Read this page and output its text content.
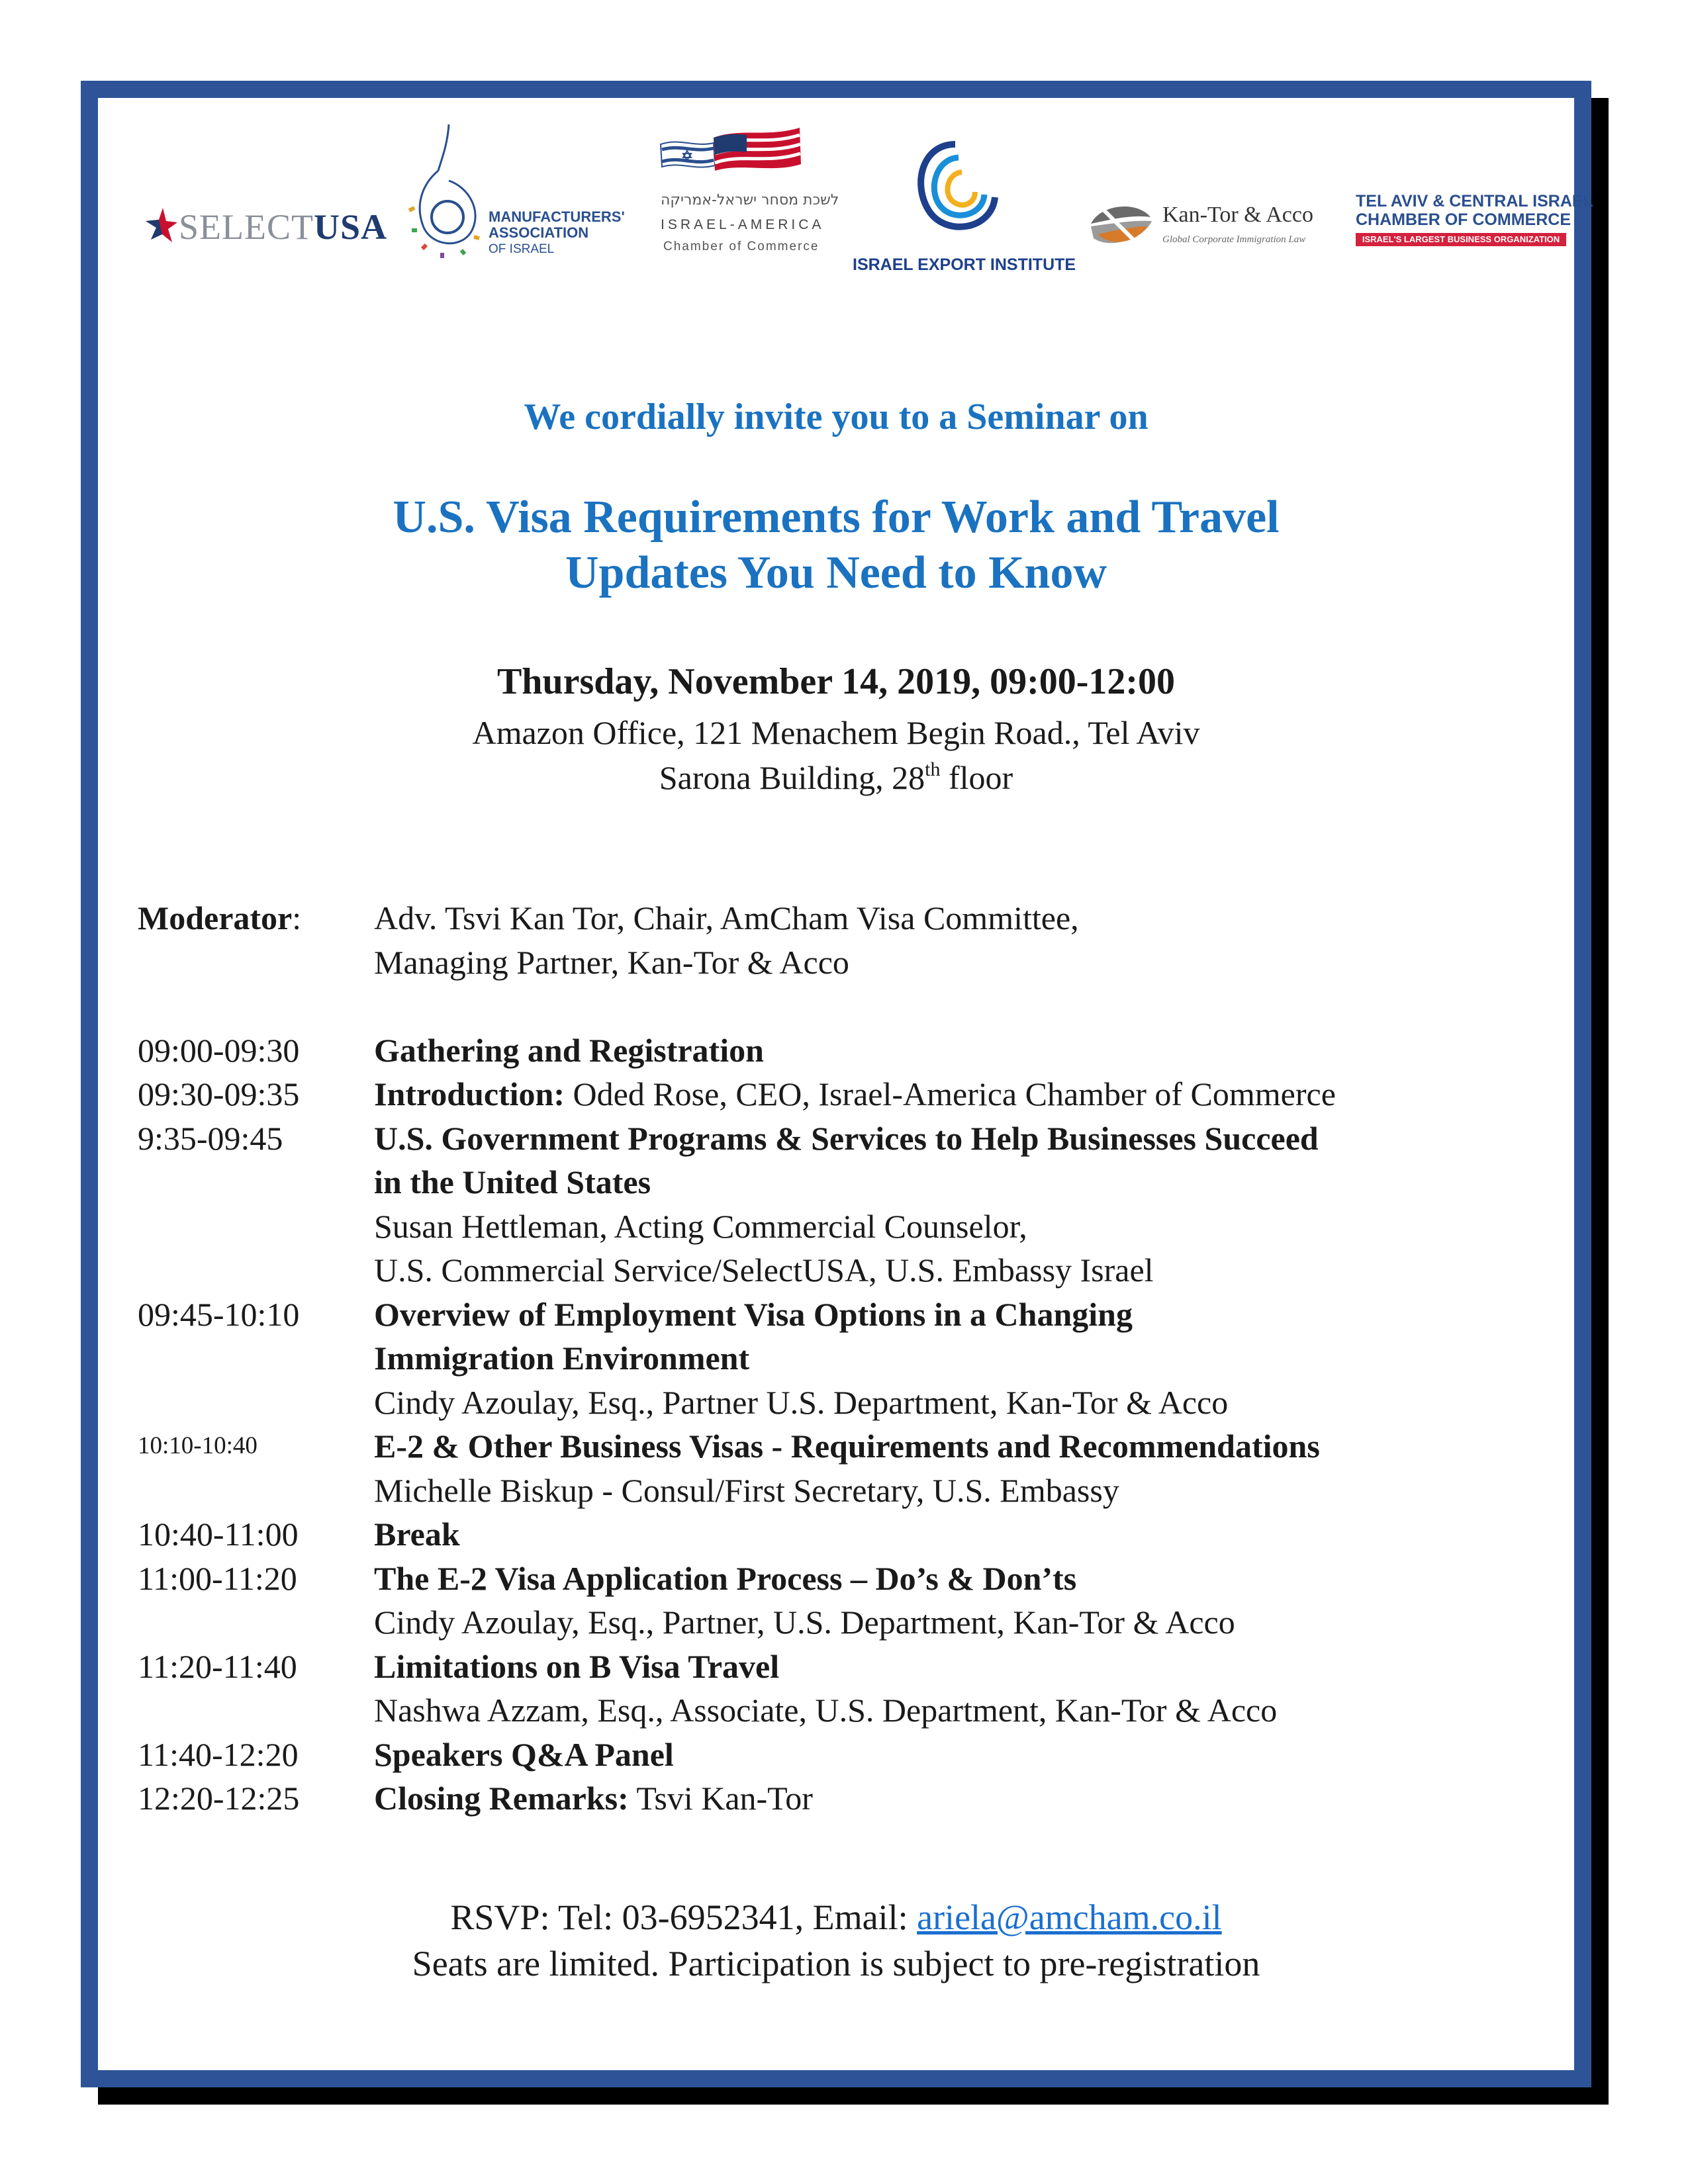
SELECTUSA	MANUFACTURERS'
ASSOCIATION
OF ISRAEL
לשכת מסחר ישראל-אמריקה
ISRAEL-AMERICA
Chamber of Commerce
ISRAEL EXPORT INSTITUTE
Kan-Tor & Acco
Global Corporate Immigration Law
TEL AVIV & CENTRAL ISRAEL
CHAMBER OF COMMERCE
ISRAEL'S LARGEST BUSINESS ORGANIZATION
We cordially invite you to a Seminar on
U.S. Visa Requirements for Work and Travel
Updates You Need to Know
Thursday, November 14, 2019, 09:00-12:00
Amazon Office, 121 Menachem Begin Road., Tel Aviv
Sarona Building, 28th floor
Moderator:	Adv. Tsvi Kan Tor, Chair, AmCham Visa Committee,
Managing Partner, Kan-Tor & Acco
09:00-09:30	Gathering and Registration
09:30-09:35	Introduction: Oded Rose, CEO, Israel-America Chamber of Commerce
9:35-09:45	U.S. Government Programs & Services to Help Businesses Succeed
in the United States
Susan Hettleman, Acting Commercial Counselor,
U.S. Commercial Service/SelectUSA, U.S. Embassy Israel
09:45-10:10	Overview of Employment Visa Options in a Changing
Immigration Environment
Cindy Azoulay, Esq., Partner U.S. Department, Kan-Tor & Acco
10:10-10:40	E-2 & Other Business Visas - Requirements and Recommendations
Michelle Biskup - Consul/First Secretary, U.S. Embassy
10:40-11:00	Break
11:00-11:20	The E-2 Visa Application Process – Do’s & Don’ts
Cindy Azoulay, Esq., Partner, U.S. Department, Kan-Tor & Acco
11:20-11:40	Limitations on B Visa Travel
Nashwa Azzam, Esq., Associate, U.S. Department, Kan-Tor & Acco
11:40-12:20	Speakers Q&A Panel
12:20-12:25	Closing Remarks: Tsvi Kan-Tor
RSVP: Tel: 03-6952341, Email: ariela@amcham.co.il
Seats are limited. Participation is subject to pre-registration
